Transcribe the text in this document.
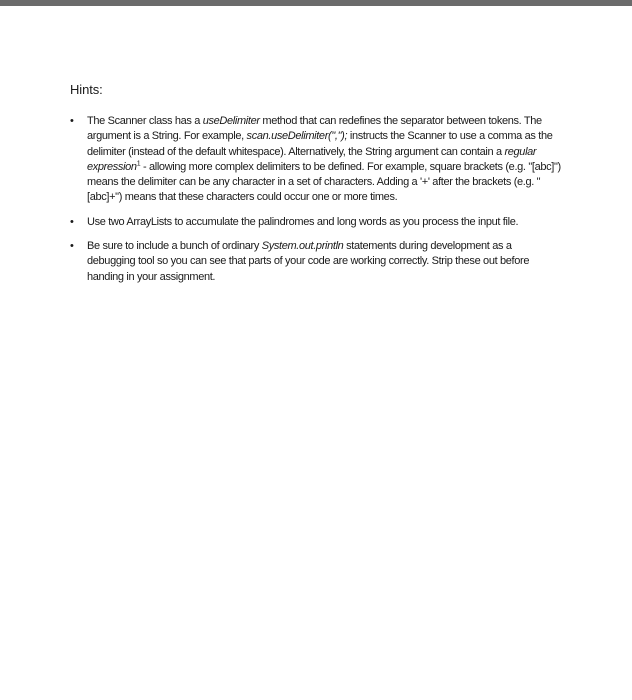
Hints:
• The Scanner class has a useDelimiter method that can redefines the separator between tokens. The argument is a String. For example, scan.useDelimiter(","); instructs the Scanner to use a comma as the delimiter (instead of the default whitespace). Alternatively, the String argument can contain a regular expression$^1$ - allowing more complex delimiters to be defined. For example, square brackets (e.g. "[abc]") means the delimiter can be any character in a set of characters. Adding a '+' after the brackets (e.g. "[abc]+") means that these characters could occur one or more times.
• Use two ArrayLists to accumulate the palindromes and long words as you process the input file.
• Be sure to include a bunch of ordinary System.out.println statements during development as a debugging tool so you can see that parts of your code are working correctly. Strip these out before handing in your assignment.
